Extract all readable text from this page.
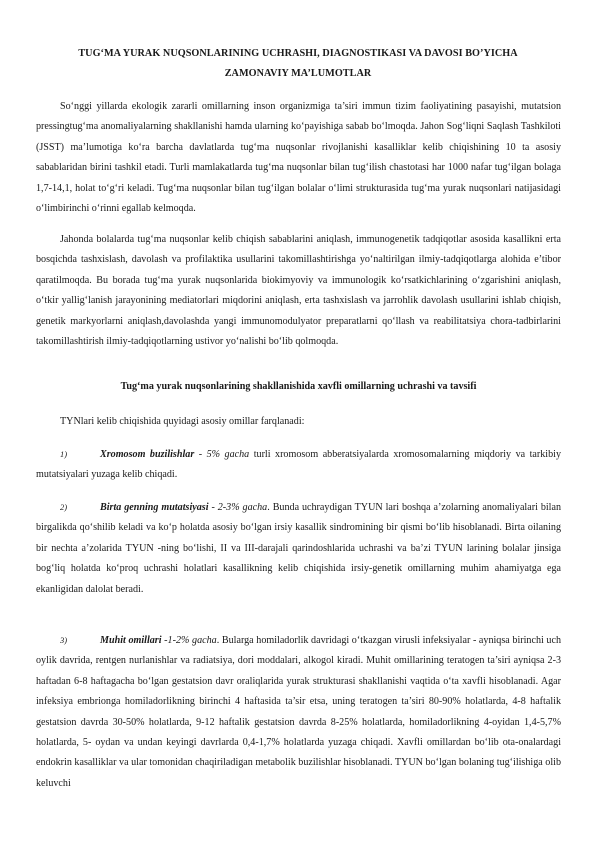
TUG‘MA YURAK NUQSONLARINING UCHRASHI, DIAGNOSTIKASI VA DAVOSI BO’YICHA
ZAMONAVIY MA’LUMOTLAR

So‘nggi yillarda ekologik zararli omillarning inson organizmiga ta’siri immun tizim faoliyatining pasayishi, mutatsion pressingtug‘ma anomaliyalarning shakllanishi hamda ularning ko‘payishiga sabab bo‘lmoqda. Jahon Sog‘liqni Saqlash Tashkiloti (JSST) ma’lumotiga ko‘ra barcha davlatlarda tug‘ma nuqsonlar rivojlanishi kasalliklar kelib chiqishining 10 ta asosiy sabablaridan birini tashkil etadi. Turli mamlakatlarda tug‘ma nuqsonlar bilan tug‘ilish chastotasi har 1000 nafar tug‘ilgan bolaga 1,7-14,1, holat to‘g‘ri keladi. Tug‘ma nuqsonlar bilan tug‘ilgan bolalar o‘limi strukturasida tug‘ma yurak nuqsonlari natijasidagi o‘limbirinchi o‘rinni egallab kelmoqda.

Jahonda bolalarda tug‘ma nuqsonlar kelib chiqish sabablarini aniqlash, immunogenetik tadqiqotlar asosida kasallikni erta bosqichda tashxislash, davolash va profilaktika usullarini takomillashtirishga yo‘naltirilgan ilmiy-tadqiqotlarga alohida e’tibor qaratilmoqda. Bu borada tug‘ma yurak nuqsonlarida biokimyoviy va immunologik ko‘rsatkichlarining o‘zgarishini aniqlash, o‘tkir yallig‘lanish jarayonining mediatorlari miqdorini aniqlash, erta tashxislash va jarrohlik davolash usullarini ishlab chiqish, genetik markyorlarni aniqlash,davolashda yangi immunomodulyator preparatlarni qo‘llash va reabilitatsiya chora-tadbirlarini takomillashtirish ilmiy-tadqiqotlarning ustivor yo‘nalishi bo‘lib qolmoqda.

Tug‘ma yurak nuqsonlarining shakllanishida xavfli omillarning uchrashi va tavsifi

TYNlari kelib chiqishida quyidagi asosiy omillar farqlanadi:

1)	Xromosom buzilishlar - 5% gacha turli xromosom abberatsiyalarda xromosomalarning miqdoriy va tarkibiy mutatsiyalari yuzaga kelib chiqadi.

2)	Birta genning mutatsiyasi - 2-3% gacha. Bunda uchraydigan TYUN lari boshqa a’zolarning anomaliyalari bilan birgalikda qo‘shilib keladi va ko‘p holatda asosiy bo‘lgan irsiy kasallik sindromining bir qismi bo‘lib hisoblanadi. Birta oilaning bir nechta a’zolarida TYUN -ning bo‘lishi, II va III-darajali qarindoshlarida uchrashi va ba’zi TYUN larining bolalar jinsiga bog‘liq holatda ko‘proq uchrashi holatlari kasallikning kelib chiqishida irsiy-genetik omillarning muhim ahamiyatga ega ekanligidan dalolat beradi.

3)	Muhit omillari -1-2% gacha. Bularga homiladorlik davridagi o‘tkazgan virusli infeksiyalar - ayniqsa birinchi uch oylik davrida, rentgen nurlanishlar va radiatsiya, dori moddalari, alkogol kiradi. Muhit omillarining teratogen ta’siri ayniqsa 2-3 haftadan 6-8 haftagacha bo‘lgan gestatsion davr oraliqlarida yurak strukturasi shakllanishi vaqtida o‘ta xavfli hisoblanadi. Agar infeksiya embrionga homiladorlikning birinchi 4 haftasida ta’sir etsa, uning teratogen ta’siri 80-90% holatlarda, 4-8 haftalik gestatsion davrda 30-50% holatlarda, 9-12 haftalik gestatsion davrda 8-25% holatlarda, homiladorlikning 4-oyidan 1,4-5,7% holatlarda, 5- oydan va undan keyingi davrlarda 0,4-1,7% holatlarda yuzaga chiqadi. Xavfli omillardan bo‘lib ota-onalardagi endokrin kasalliklar va ular tomonidan chaqiriladigan metabolik buzilishlar hisoblanadi. TYUN bo‘lgan bolaning tug‘ilishiga olib keluvchi
